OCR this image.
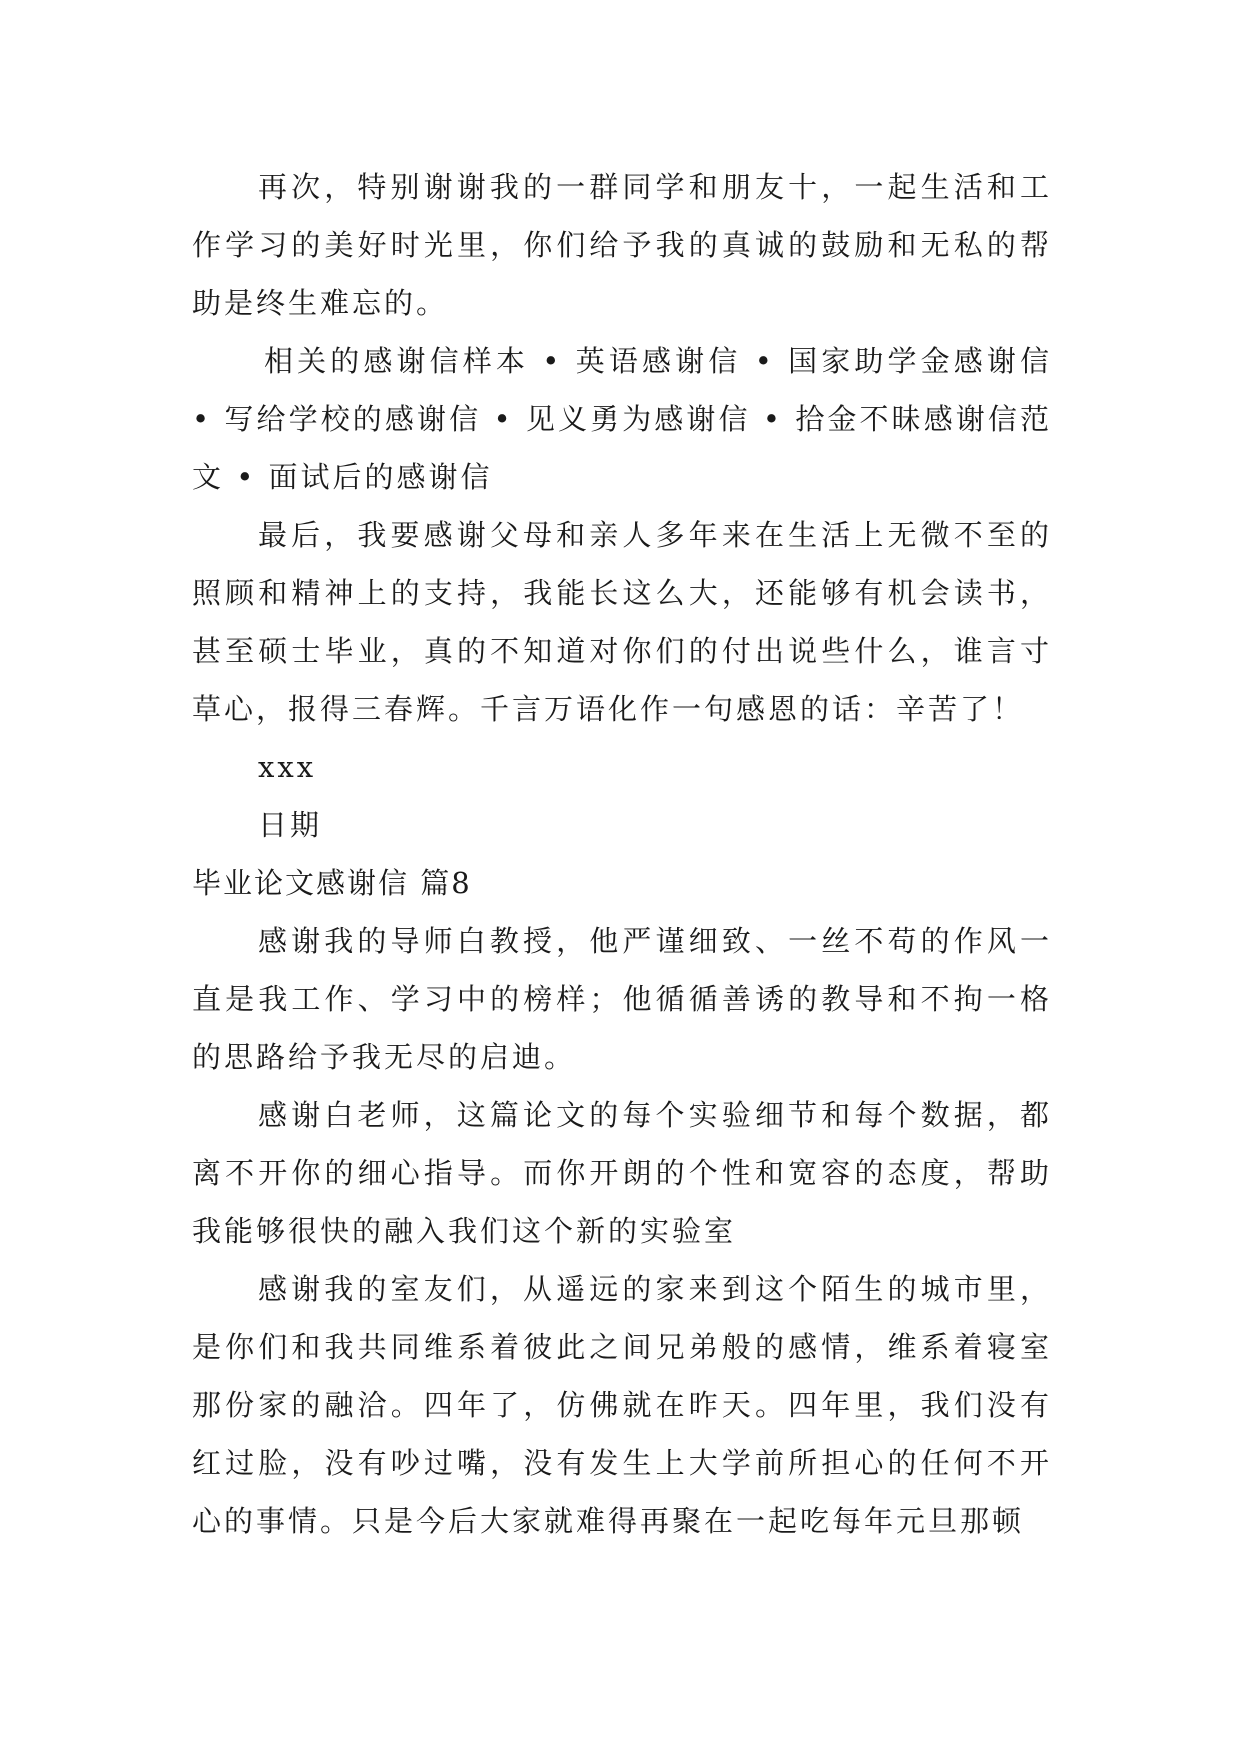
再次，特别谢谢我的一群同学和朋友十，一起生活和工作学习的美好时光里，你们给予我的真诚的鼓励和无私的帮助是终生难忘的。

相关的感谢信样本 • 英语感谢信 • 国家助学金感谢信 • 写给学校的感谢信 • 见义勇为感谢信 • 拾金不昧感谢信范文 • 面试后的感谢信

最后，我要感谢父母和亲人多年来在生活上无微不至的照顾和精神上的支持，我能长这么大，还能够有机会读书，甚至硕士毕业，真的不知道对你们的付出说些什么，谁言寸草心，报得三春辉。千言万语化作一句感恩的话：辛苦了！

xxx

日期

毕业论文感谢信 篇8

感谢我的导师白教授，他严谨细致、一丝不苟的作风一直是我工作、学习中的榜样；他循循善诱的教导和不拘一格的思路给予我无尽的启迪。

感谢白老师，这篇论文的每个实验细节和每个数据，都离不开你的细心指导。而你开朗的个性和宽容的态度，帮助我能够很快的融入我们这个新的实验室

感谢我的室友们，从遥远的家来到这个陌生的城市里，是你们和我共同维系着彼此之间兄弟般的感情，维系着寝室那份家的融洽。四年了，仿佛就在昨天。四年里，我们没有红过脸，没有吵过嘴，没有发生上大学前所担心的任何不开心的事情。只是今后大家就难得再聚在一起吃每年元旦那顿
